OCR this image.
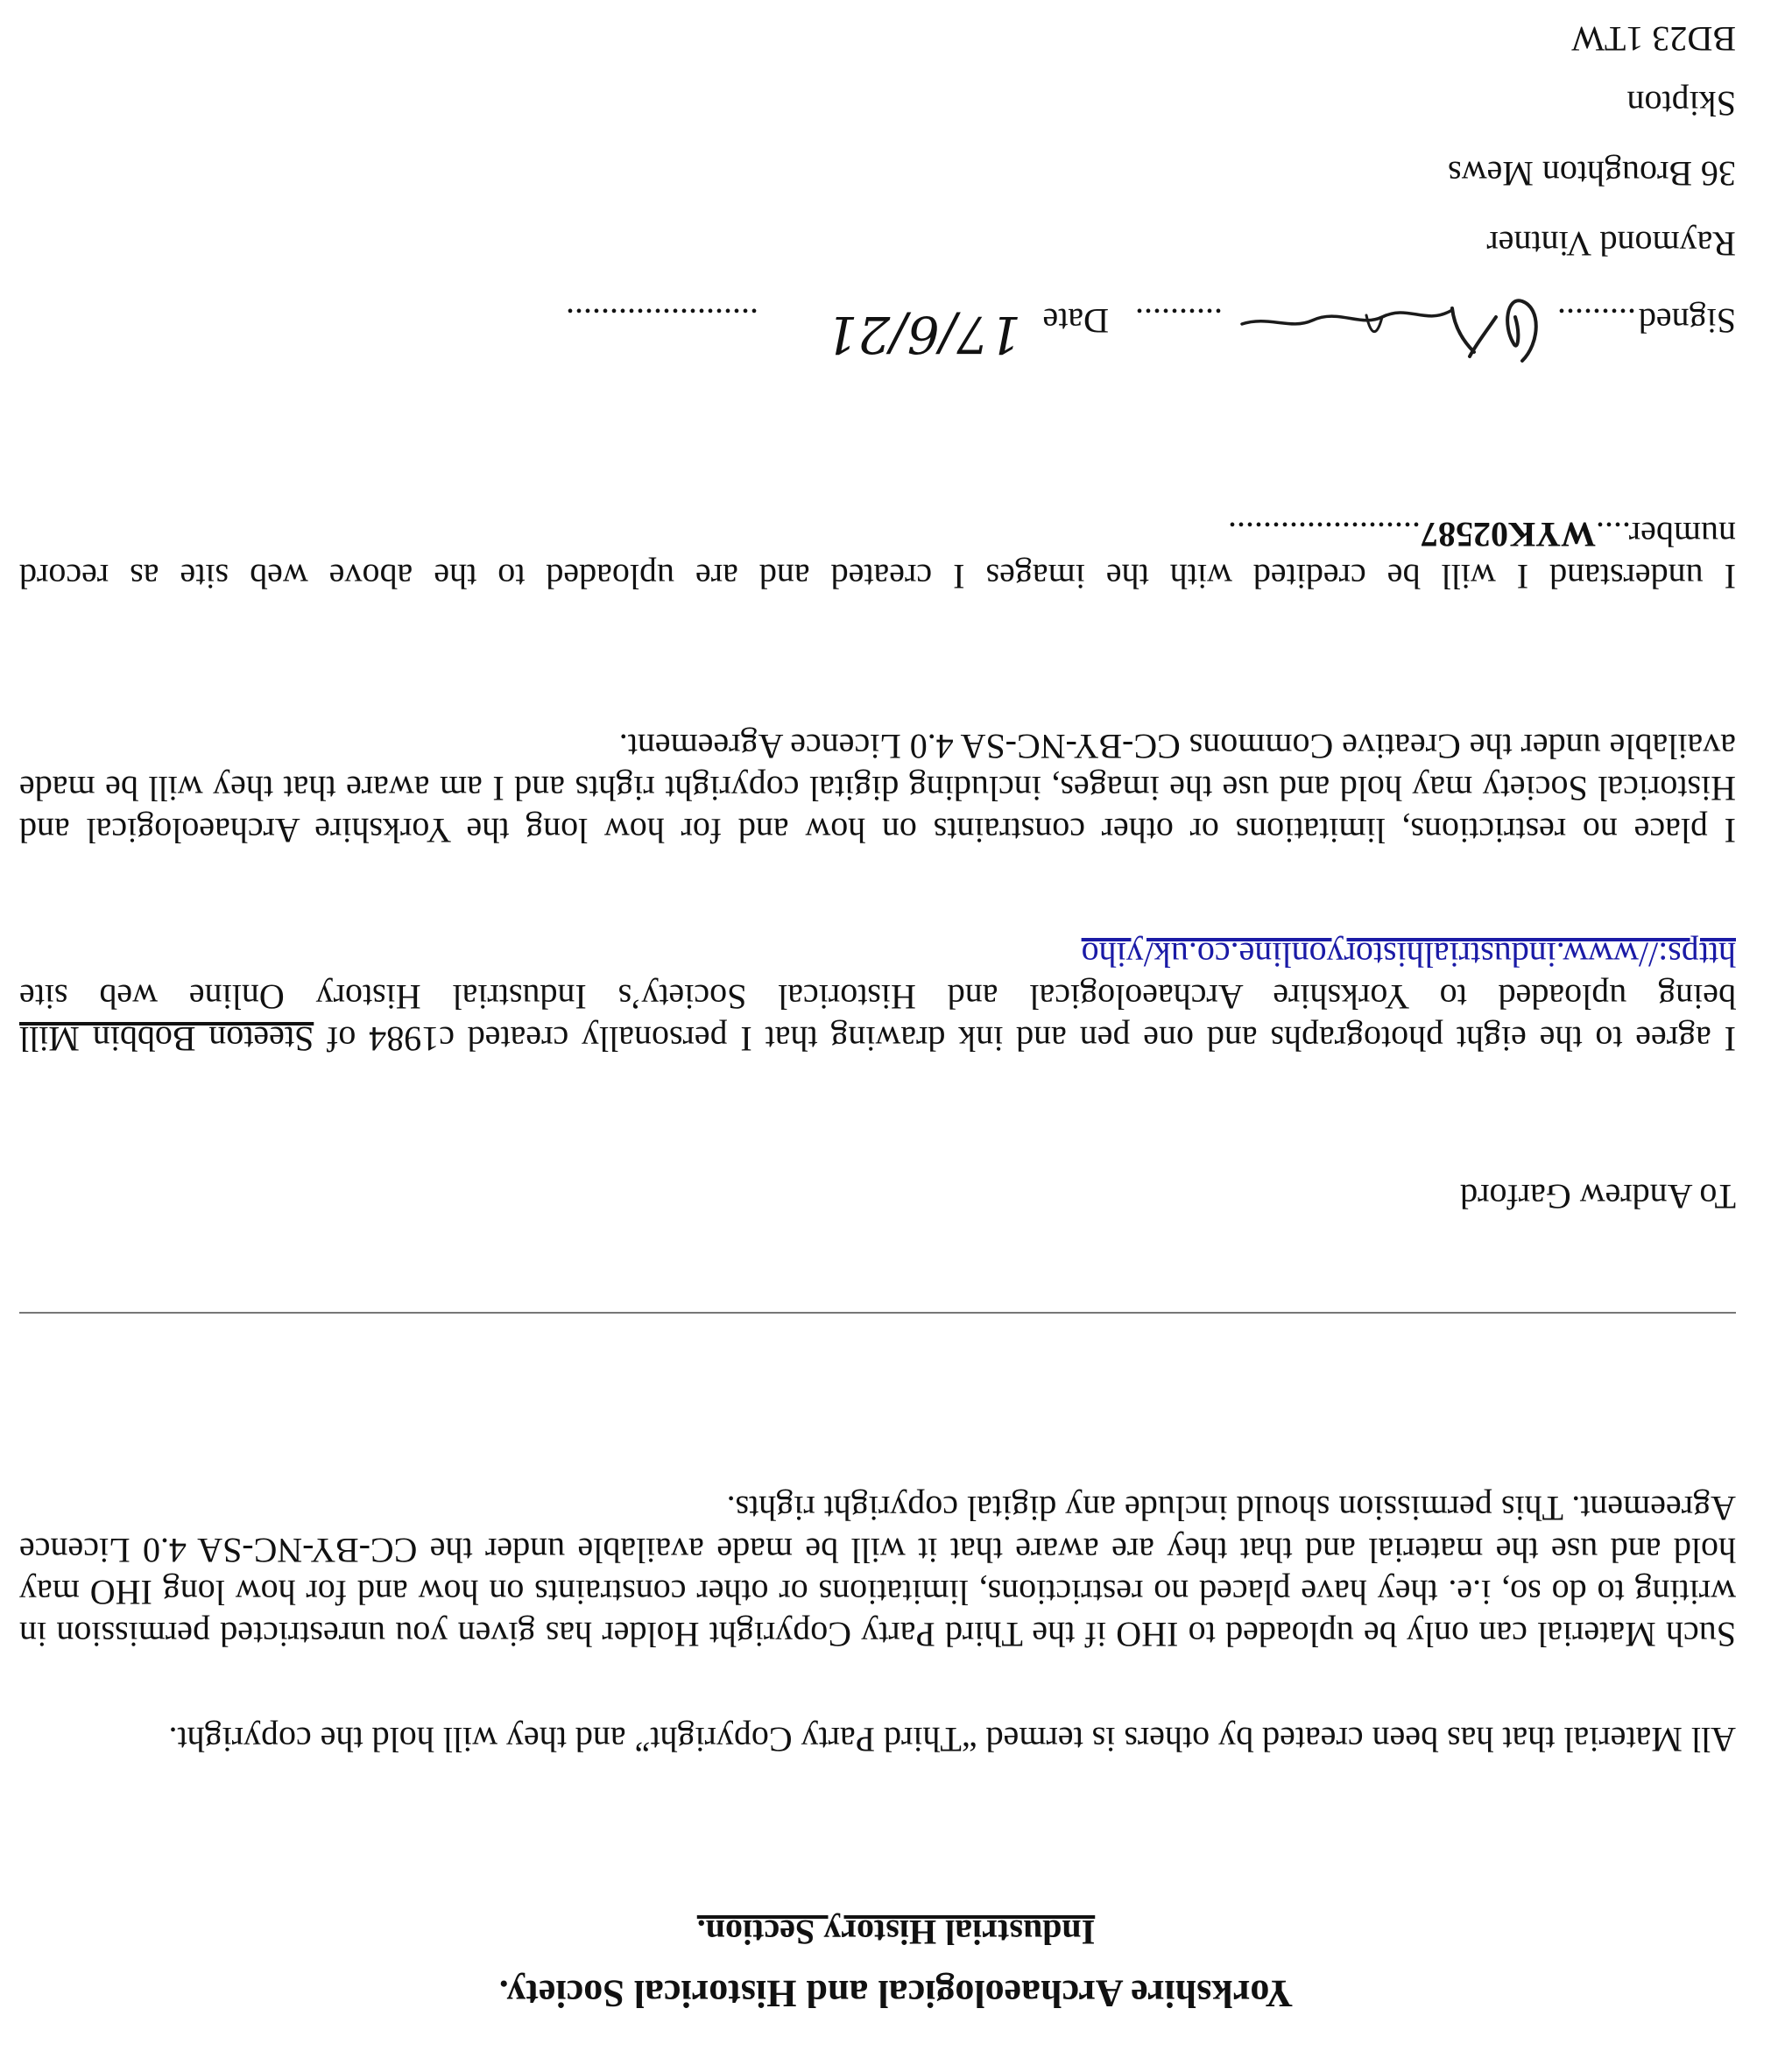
Yorkshire Archaeological and Historical Society.

Industrial History Section.

All Material that has been created by others is termed “Third Party Copyright” and they will hold the copyright.

Such Material can only be uploaded to IHO if the Third Party Copyright Holder has given you unrestricted permission in writing to do so, i.e. they have placed no restrictions, limitations or other constraints on how and for how long IHO may hold and use the material and that they are aware that it will be made available under the CC-BY-NC-SA 4.0 Licence Agreement. This permission should include any digital copyright rights.

To Andrew Garford

I agree to the eight photographs and one pen and ink drawing that I personally created c1984 of Steeton Bobbin Mill being uploaded to Yorkshire Archaeological and Historical Society’s Industrial History Online web site https://www.industrialhistoryonline.co.uk/yiho

I place no restrictions, limitations or other constraints on how and for how long the Yorkshire Archaeological and Historical Society may hold and use the images, including digital copyright rights and I am aware that they will be made available under the Creative Commons CC-BY-NC-SA 4.0 Licence Agreement.

I understand I will be credited with the images I created and are uploaded to the above web site as record number....WYK02587......................

Signed

.........

..........

Date

17/6/21

......................

Raymond Vintner

36 Broughton Mews

Skipton

BD23 1TW
